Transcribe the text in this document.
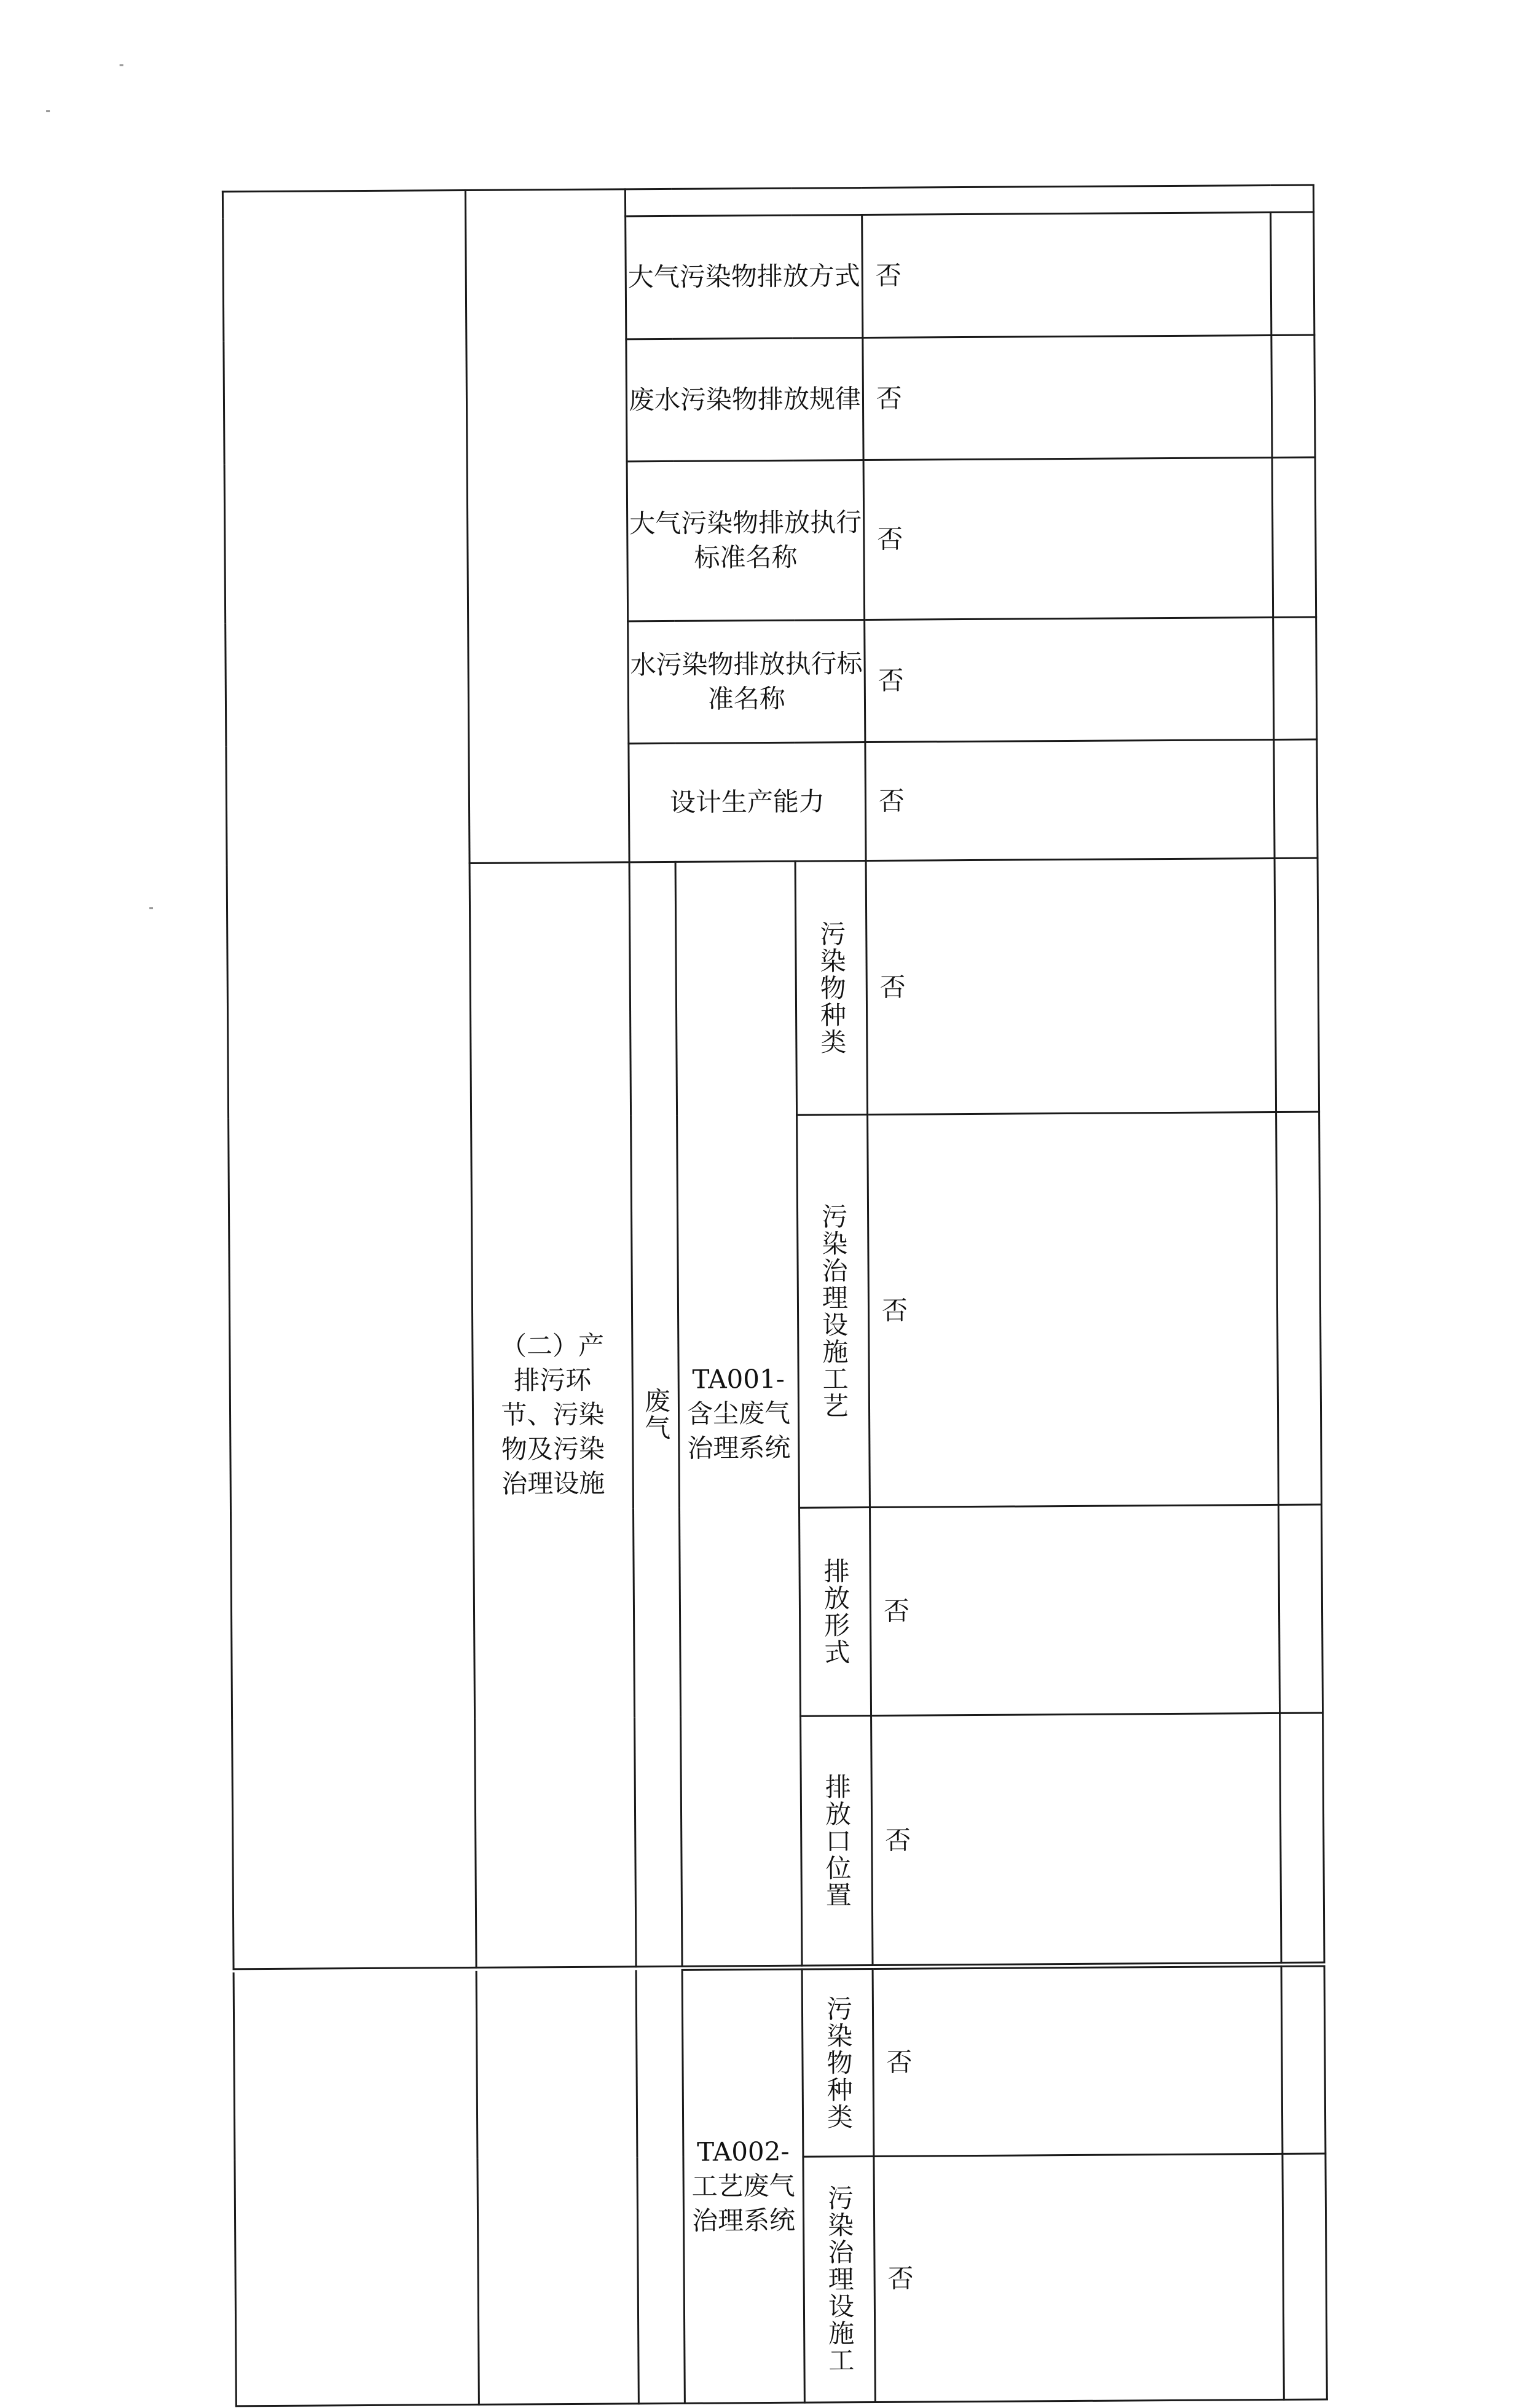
		大气污染物排放方式			否	
		废水污染物排放规律			否	
		大气污染物排放执行标准名称			否	
		水污染物排放执行标准名称			否	
		设计生产能力			否	
	（二）产排污环节、污染物及污染治理设施	废气	TA001-含尘废气治理系统	污染物种类	否	
				污染治理设施工艺	否	
				排放形式	否	
				排放口位置	否	
			TA002-工艺废气治理系统	污染物种类	否	
				污染治理设施工	否	
